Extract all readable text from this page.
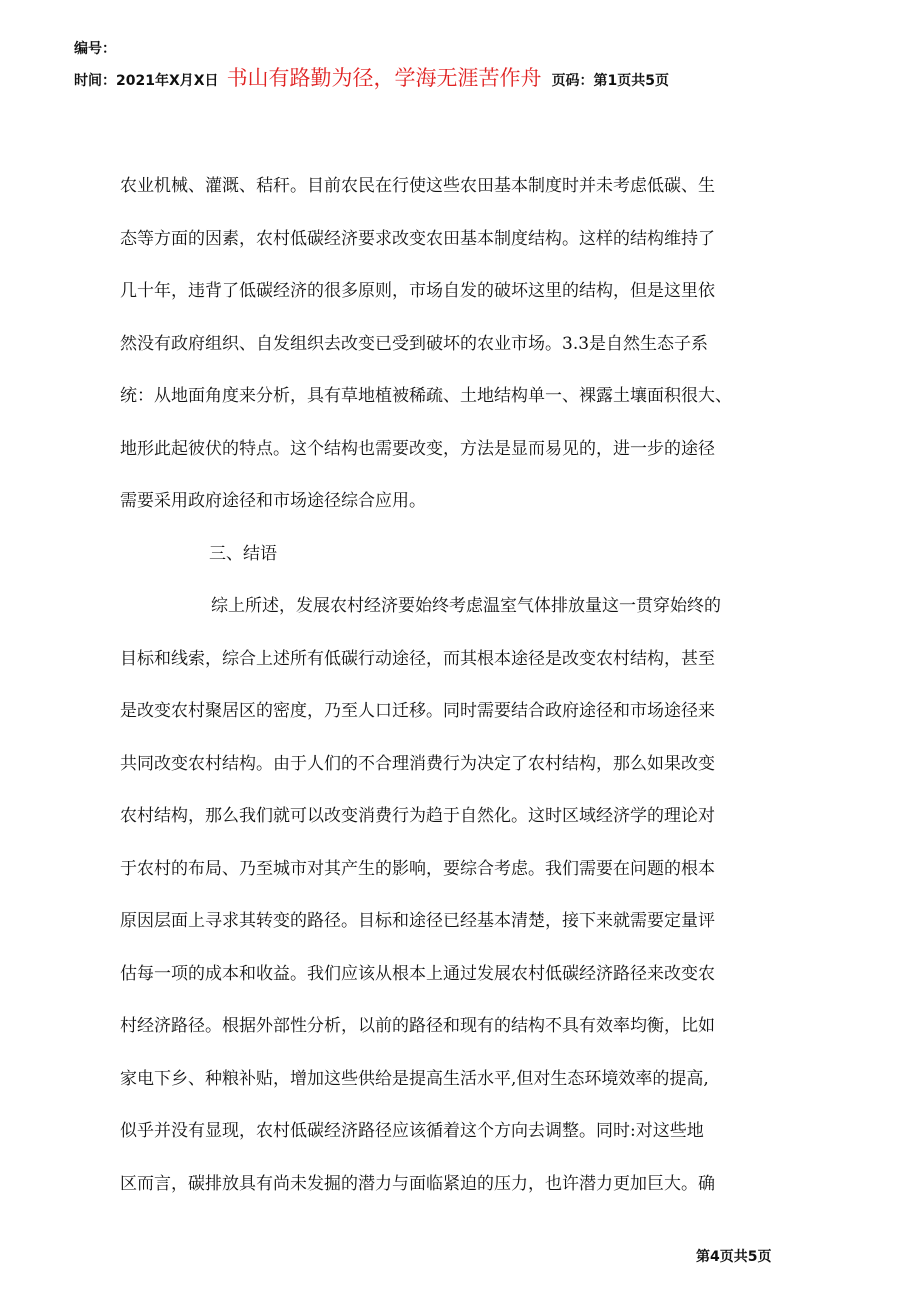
编号：
时间：2021年X月X日 书山有路勤为径，学海无涯苦作舟 页码：第1页共5页
农业机械、灌溉、秸秆。目前农民在行使这些农田基本制度时并未考虑低碳、生
态等方面的因素，农村低碳经济要求改变农田基本制度结构。这样的结构维持了
几十年，违背了低碳经济的很多原则，市场自发的破坏这里的结构，但是这里依
然没有政府组织、自发组织去改变已受到破坏的农业市场。3.3是自然生态子系
统：从地面角度来分析，具有草地植被稀疏、土地结构单一、裸露土壤面积很大、
地形此起彼伏的特点。这个结构也需要改变，方法是显而易见的，进一步的途径
需要采用政府途径和市场途径综合应用。
三、结语
综上所述，发展农村经济要始终考虑温室气体排放量这一贯穿始终的
目标和线索，综合上述所有低碳行动途径，而其根本途径是改变农村结构，甚至
是改变农村聚居区的密度，乃至人口迁移。同时需要结合政府途径和市场途径来
共同改变农村结构。由于人们的不合理消费行为决定了农村结构，那么如果改变
农村结构，那么我们就可以改变消费行为趋于自然化。这时区域经济学的理论对
于农村的布局、乃至城市对其产生的影响，要综合考虑。我们需要在问题的根本
原因层面上寻求其转变的路径。目标和途径已经基本清楚，接下来就需要定量评
估每一项的成本和收益。我们应该从根本上通过发展农村低碳经济路径来改变农
村经济路径。根据外部性分析，以前的路径和现有的结构不具有效率均衡，比如
家电下乡、种粮补贴，增加这些供给是提高生活水平,但对生态环境效率的提高,
似乎并没有显现，农村低碳经济路径应该循着这个方向去调整。同时:对这些地
区而言，碳排放具有尚未发掘的潜力与面临紧迫的压力，也许潜力更加巨大。确
第4页共5页
